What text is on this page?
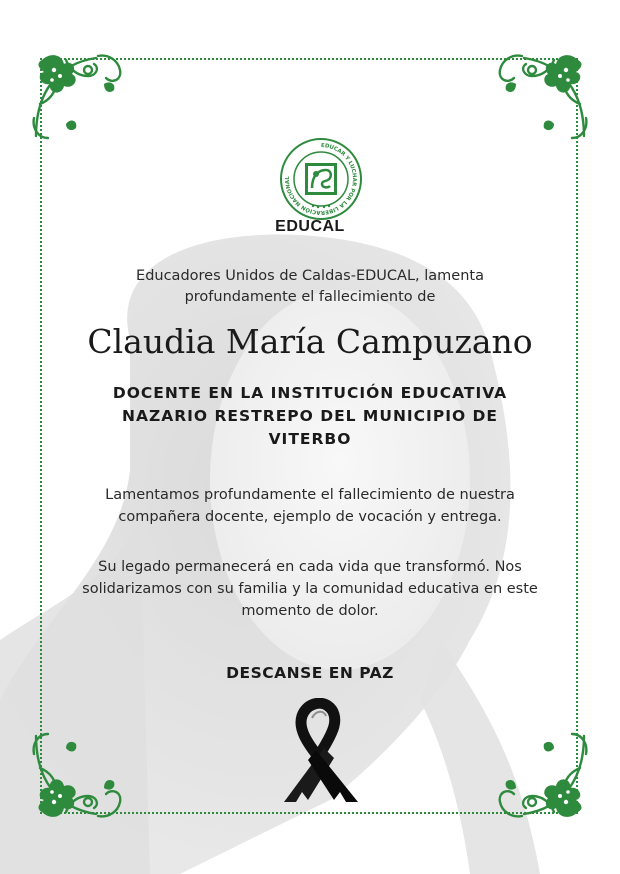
EDUCAR Y LUCHAR POR LA LIBERACIÓN NACIONAL
EDUCAL
Educadores Unidos de Caldas-EDUCAL, lamenta profundamente el fallecimiento de
Claudia María Campuzano
DOCENTE EN LA INSTITUCIÓN EDUCATIVA
NAZARIO RESTREPO DEL MUNICIPIO DE
VITERBO
Lamentamos profundamente el fallecimiento de nuestra compañera docente, ejemplo de vocación y entrega.
Su legado permanecerá en cada vida que transformó. Nos solidarizamos con su familia y la comunidad educativa en este momento de dolor.
DESCANSE EN PAZ
